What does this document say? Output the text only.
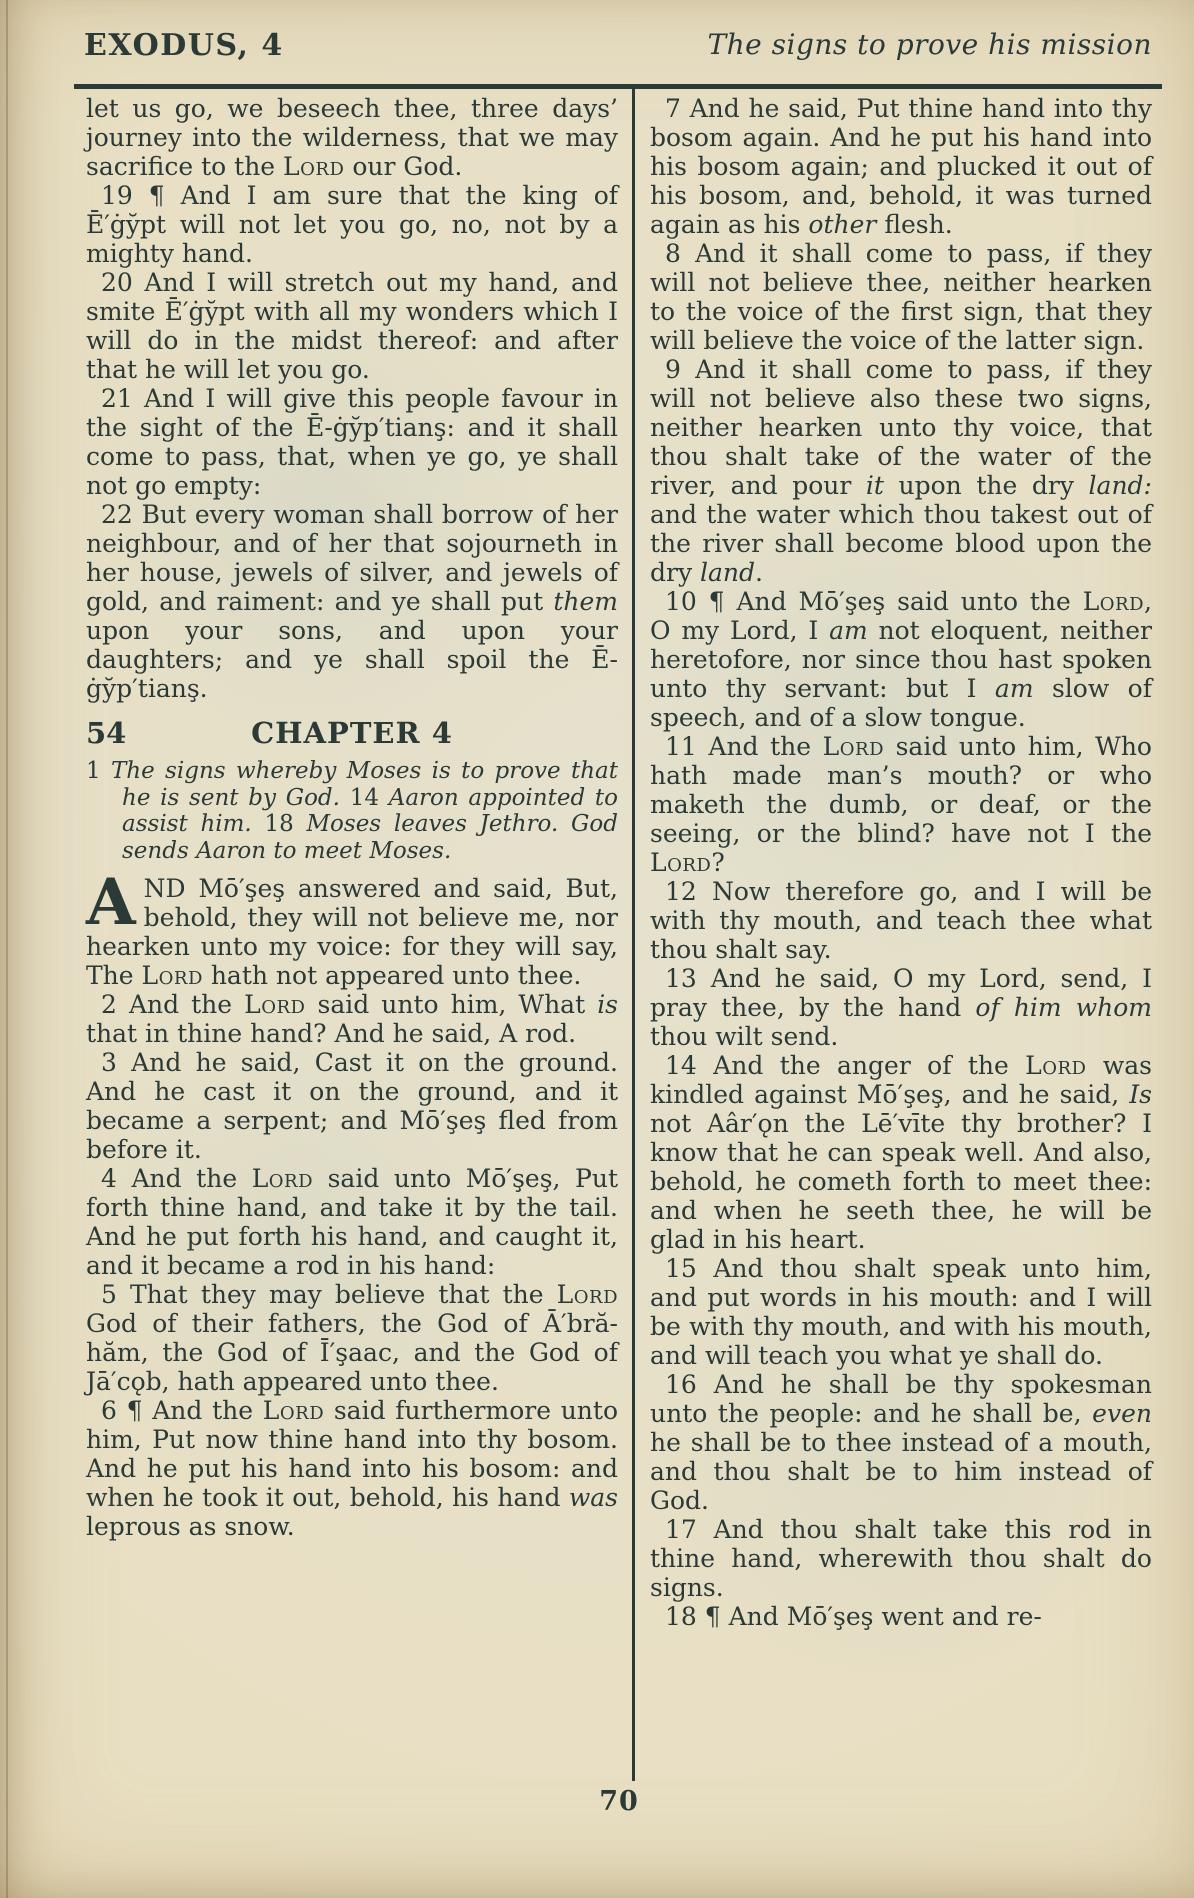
EXODUS, 4	The signs to prove his mission

let us go, we beseech thee, three days’ journey into the wilderness, that we may sacrifice to the Lord our God.

19 ¶ And I am sure that the king of Ē′ġy̆pt will not let you go, no, not by a mighty hand.

20 And I will stretch out my hand, and smite Ē′ġy̆pt with all my wonders which I will do in the midst thereof: and after that he will let you go.

21 And I will give this people favour in the sight of the Ē-ġy̆p′tianş: and it shall come to pass, that, when ye go, ye shall not go empty:

22 But every woman shall borrow of her neighbour, and of her that sojourneth in her house, jewels of silver, and jewels of gold, and raiment: and ye shall put them upon your sons, and upon your daughters; and ye shall spoil the Ē-ġy̆p′tianş.

54	CHAPTER 4

1 The signs whereby Moses is to prove that he is sent by God. 14 Aaron appointed to assist him. 18 Moses leaves Jethro. God sends Aaron to meet Moses.

AND Mō′şeş answered and said, But, behold, they will not believe me, nor hearken unto my voice: for they will say, The Lord hath not appeared unto thee.

2 And the Lord said unto him, What is that in thine hand? And he said, A rod.

3 And he said, Cast it on the ground. And he cast it on the ground, and it became a serpent; and Mō′şeş fled from before it.

4 And the Lord said unto Mō′şeş, Put forth thine hand, and take it by the tail. And he put forth his hand, and caught it, and it became a rod in his hand:

5 That they may believe that the Lord God of their fathers, the God of Ā′bră-hăm, the God of Ī′şaac, and the God of Jā′cǫb, hath appeared unto thee.

6 ¶ And the Lord said furthermore unto him, Put now thine hand into thy bosom. And he put his hand into his bosom: and when he took it out, behold, his hand was leprous as snow.

7 And he said, Put thine hand into thy bosom again. And he put his hand into his bosom again; and plucked it out of his bosom, and, behold, it was turned again as his other flesh.

8 And it shall come to pass, if they will not believe thee, neither hearken to the voice of the first sign, that they will believe the voice of the latter sign.

9 And it shall come to pass, if they will not believe also these two signs, neither hearken unto thy voice, that thou shalt take of the water of the river, and pour it upon the dry land: and the water which thou takest out of the river shall become blood upon the dry land.

10 ¶ And Mō′şeş said unto the Lord, O my Lord, I am not eloquent, neither heretofore, nor since thou hast spoken unto thy servant: but I am slow of speech, and of a slow tongue.

11 And the Lord said unto him, Who hath made man’s mouth? or who maketh the dumb, or deaf, or the seeing, or the blind? have not I the Lord?

12 Now therefore go, and I will be with thy mouth, and teach thee what thou shalt say.

13 And he said, O my Lord, send, I pray thee, by the hand of him whom thou wilt send.

14 And the anger of the Lord was kindled against Mō′şeş, and he said, Is not Aâr′ǫn the Lē′vīte thy brother? I know that he can speak well. And also, behold, he cometh forth to meet thee: and when he seeth thee, he will be glad in his heart.

15 And thou shalt speak unto him, and put words in his mouth: and I will be with thy mouth, and with his mouth, and will teach you what ye shall do.

16 And he shall be thy spokesman unto the people: and he shall be, even he shall be to thee instead of a mouth, and thou shalt be to him instead of God.

17 And thou shalt take this rod in thine hand, wherewith thou shalt do signs.

18 ¶ And Mō′şeş went and re-

70
